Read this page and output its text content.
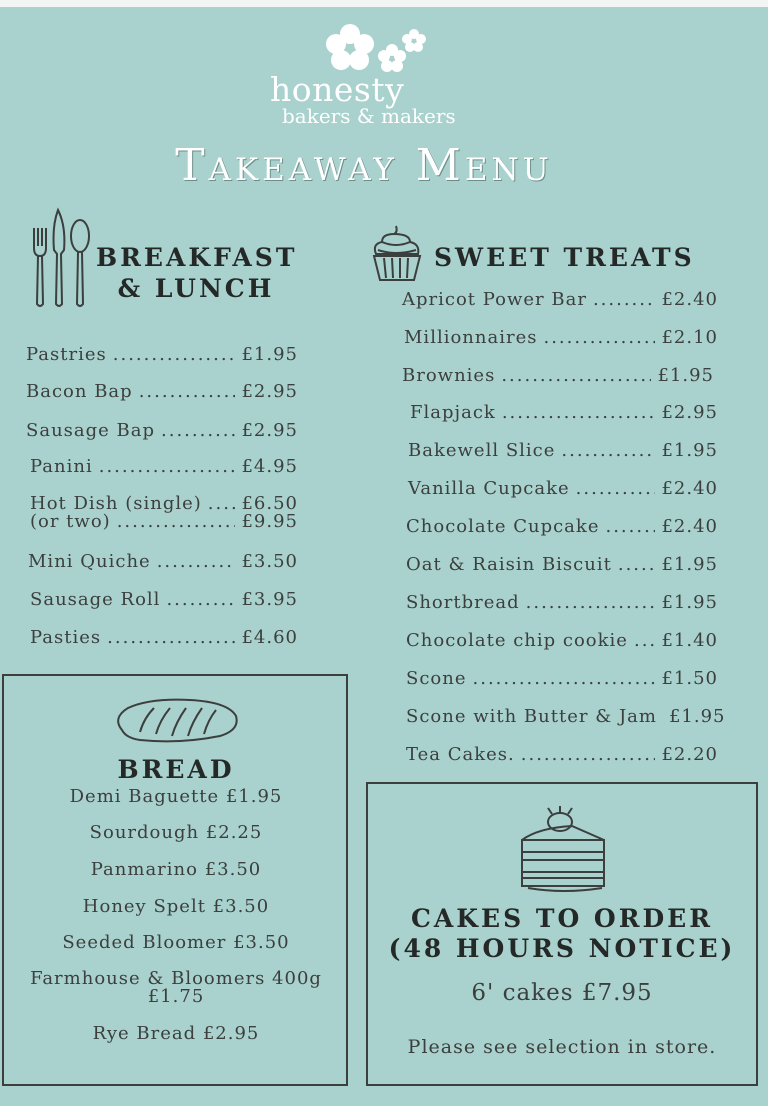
honesty
bakers & makers
Takeaway Menu
BREAKFAST
& LUNCH
Pastries .....	£1.95
Bacon Bap .....	£2.95
Sausage Bap .....	£2.95
Panini .....	£4.95
Hot Dish (single) ..... £6.50
(or two) .....	£9.95
Mini Quiche .....	£3.50
Sausage Roll .....	£3.95
Pasties .....	£4.60
SWEET TREATS
Apricot Power Bar .....	£2.40
Millionnaires .....	£2.10
Brownies .....	£1.95
Flapjack .....	£2.95
Bakewell Slice .....	£1.95
Vanilla Cupcake .....	£2.40
Chocolate Cupcake .....	£2.40
Oat & Raisin Biscuit .....	£1.95
Shortbread .....	£1.95
Chocolate chip cookie ..... £1.40
Scone .....	£1.50
Scone with Butter & Jam £1.95
Tea Cakes. .....	£2.20
BREAD
Demi Baguette £1.95
Sourdough £2.25
Panmarino £3.50
Honey Spelt £3.50
Seeded Bloomer £3.50
Farmhouse & Bloomers 400g
£1.75
Rye Bread £2.95
CAKES TO ORDER
(48 HOURS NOTICE)
6' cakes £7.95
Please see selection in store.
